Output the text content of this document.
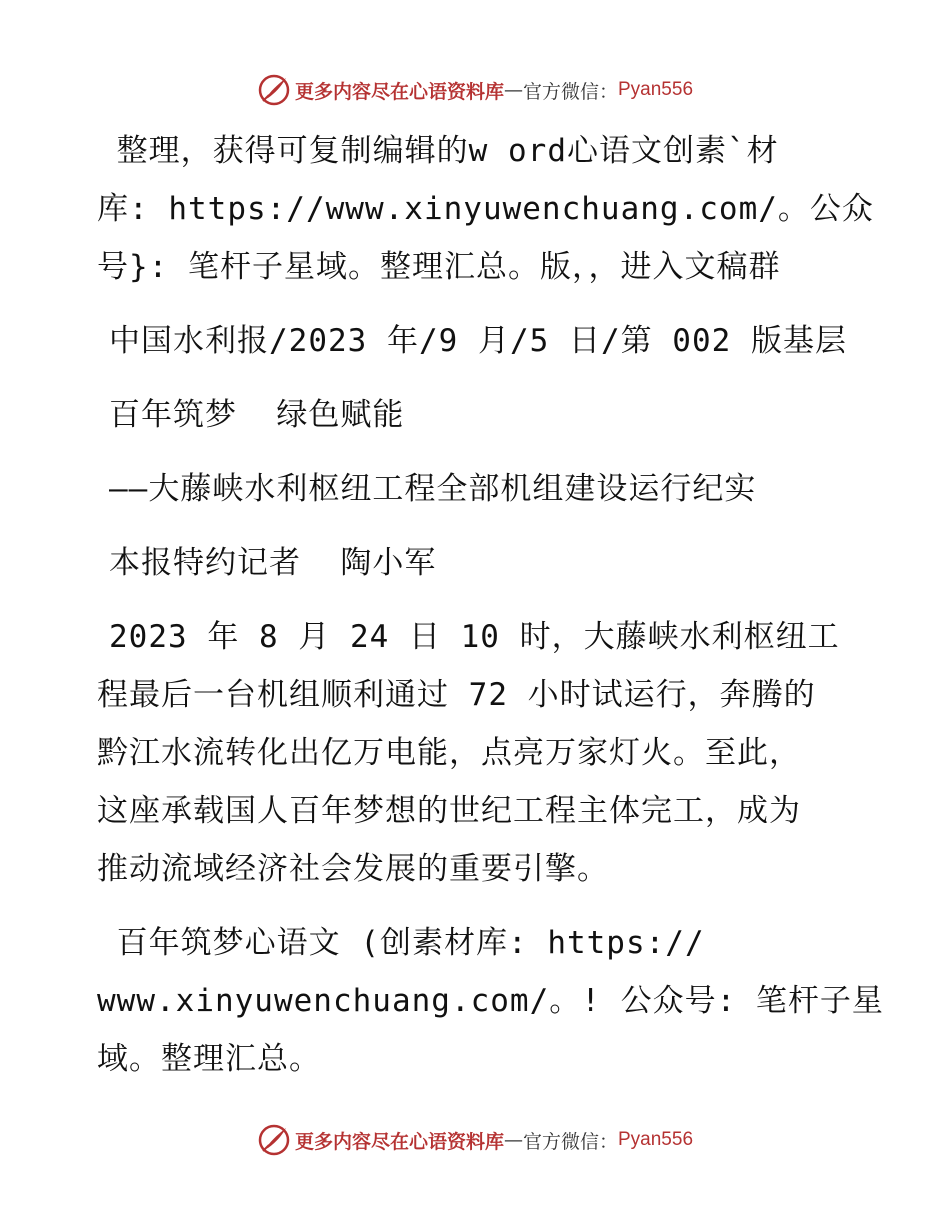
更多内容尽在心语资料库 — 官方微信： Pyan556
整理，获得可复制编辑的w ord心语文创素`材
库: https://www.xinyuwenchuang.com/。公众
号}: 笔杆子星域。整理汇总。版，，进入文稿群
中国水利报/2023 年/9 月/5 日/第 002 版基层
百年筑梦  绿色赋能
——大藤峡水利枢纽工程全部机组建设运行纪实
本报特约记者  陶小军
2023 年 8 月 24 日 10 时，大藤峡水利枢纽工
程最后一台机组顺利通过 72 小时试运行，奔腾的
黔江水流转化出亿万电能，点亮万家灯火。至此，
这座承载国人百年梦想的世纪工程主体完工，成为
推动流域经济社会发展的重要引擎。
百年筑梦心语文 (创素材库: https://
www.xinyuwenchuang.com/。! 公众号: 笔杆子星
域。整理汇总。
更多内容尽在心语资料库 — 官方微信： Pyan556
